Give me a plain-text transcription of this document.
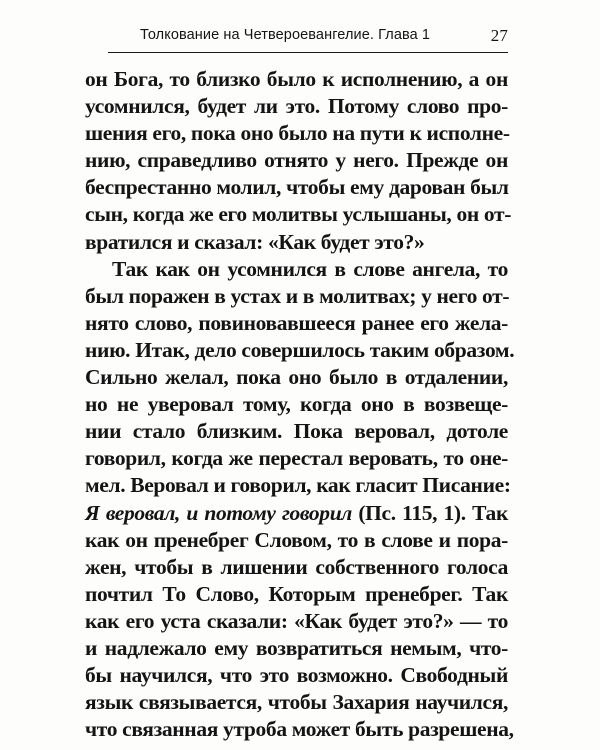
Толкование на Четвероевангелие. Глава 1	27
он Бога, то близко было к исполнению, а он
усомнился, будет ли это. Потому слово про-
шения его, пока оно было на пути к исполне-
нию, справедливо отнято у него. Прежде он
беспрестанно молил, чтобы ему дарован был
сын, когда же его молитвы услышаны, он от-
вратился и сказал: «Как будет это?»
Так как он усомнился в слове ангела, то
был поражен в устах и в молитвах; у него от-
нято слово, повиновавшееся ранее его жела-
нию. Итак, дело совершилось таким образом.
Сильно желал, пока оно было в отдалении,
но не уверовал тому, когда оно в возвеще-
нии стало близким. Пока веровал, дотоле
говорил, когда же перестал веровать, то оне-
мел. Веровал и говорил, как гласит Писание:
Я веровал, и потому говорил (Пс. 115, 1). Так
как он пренебрег Словом, то в слове и пора-
жен, чтобы в лишении собственного голоса
почтил То Слово, Которым пренебрег. Так
как его уста сказали: «Как будет это?» — то
и надлежало ему возвратиться немым, что-
бы научился, что это возможно. Свободный
язык связывается, чтобы Захария научился,
что связанная утроба может быть разрешена,
